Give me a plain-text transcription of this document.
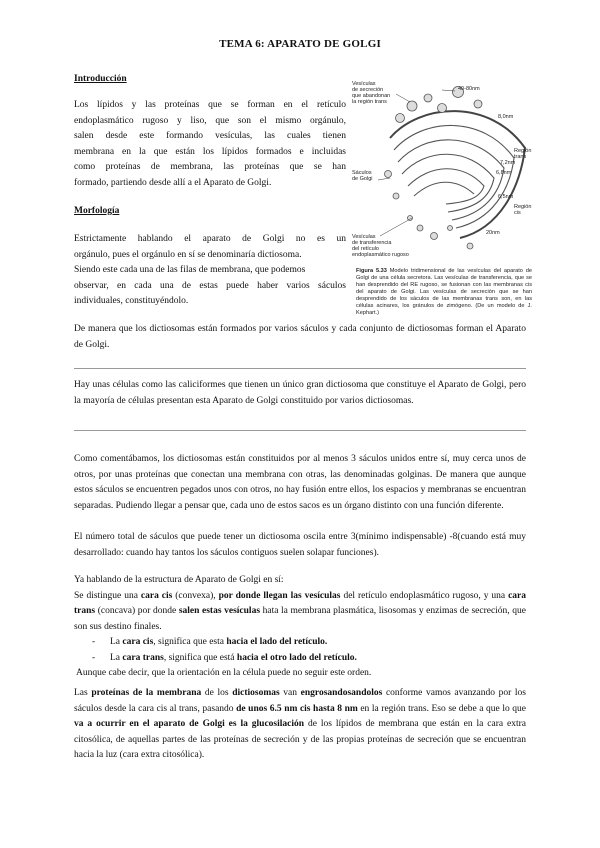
TEMA 6: APARATO DE GOLGI
Introducción
Los lípidos y las proteínas que se forman en el retículo
endoplasmático rugoso y liso, que son el mismo orgánulo,
salen desde este formando vesículas, las cuales tienen
membrana en la que están los lípidos formados e incluidas
como proteínas de membrana, las proteínas que se han
formado, partiendo desde allí a el Aparato de Golgi.
Morfología
Estrictamente hablando el aparato de Golgi no es un
orgánulo, pues el orgánulo en sí se denominaría dictiosoma.
Siendo este cada una de las filas de membrana, que podemos
observar, en cada una de estas puede haber varios sáculos
individuales, constituyéndolo.
Vesículas de secreción que abandonan la región trans
40-80nm
8,0nm
7,2nm
6,8nm
6,5nm
20nm
Región trans
Región cis
Sáculos de Golgi
Vesículas de transferencia del retículo endoplasmático rugoso
Figura 5.33 Modelo tridimensional de las vesículas del aparato de Golgi de una célula secretora. Las vesículas de transferencia, que se han desprendido del RE rugoso, se fusionan con las membranas cis del aparato de Golgi. Las vesículas de secreción que se han desprendido de los sáculos de las membranas trans son, en las células acinares, los gránulos de zimógeno. (De un modelo de J. Kephart.)
De manera que los dictiosomas están formados por varios sáculos y cada conjunto de dictiosomas forman el Aparato de Golgi.
Hay unas células como las caliciformes que tienen un único gran dictiosoma que constituye el Aparato de Golgi, pero la mayoría de células presentan esta Aparato de Golgi constituido por varios dictiosomas.
Como comentábamos, los dictiosomas están constituidos por al menos 3 sáculos unidos entre sí, muy cerca unos de otros, por unas proteínas que conectan una membrana con otras, las denominadas golginas. De manera que aunque estos sáculos se encuentren pegados unos con otros, no hay fusión entre ellos, los espacios y membranas se encuentran separadas. Pudiendo llegar a pensar que, cada uno de estos sacos es un órgano distinto con una función diferente.
El número total de sáculos que puede tener un dictiosoma oscila entre 3(mínimo indispensable) -8(cuando está muy desarrollado: cuando hay tantos los sáculos contiguos suelen solapar funciones).
Ya hablando de la estructura de Aparato de Golgi en sí:
Se distingue una cara cis (convexa), por donde llegan las vesículas del retículo endoplasmático rugoso, y una cara trans (concava) por donde salen estas vesículas hata la membrana plasmática, lisosomas y enzimas de secreción, que son sus destino finales.
- La cara cis, significa que esta hacia el lado del retículo.
- La cara trans, significa que está hacia el otro lado del retículo.
Aunque cabe decir, que la orientación en la célula puede no seguir este orden.
Las proteínas de la membrana de los dictiosomas van engrosandosandolos conforme vamos avanzando por los sáculos desde la cara cis al trans, pasando de unos 6.5 nm cis hasta 8 nm en la región trans. Eso se debe a que lo que va a ocurrir en el aparato de Golgi es la glucosilación de los lípidos de membrana que están en la cara extra citosólica, de aquellas partes de las proteínas de secreción y de las propias proteínas de secreción que se encuentran hacia la luz (cara extra citosólica).
